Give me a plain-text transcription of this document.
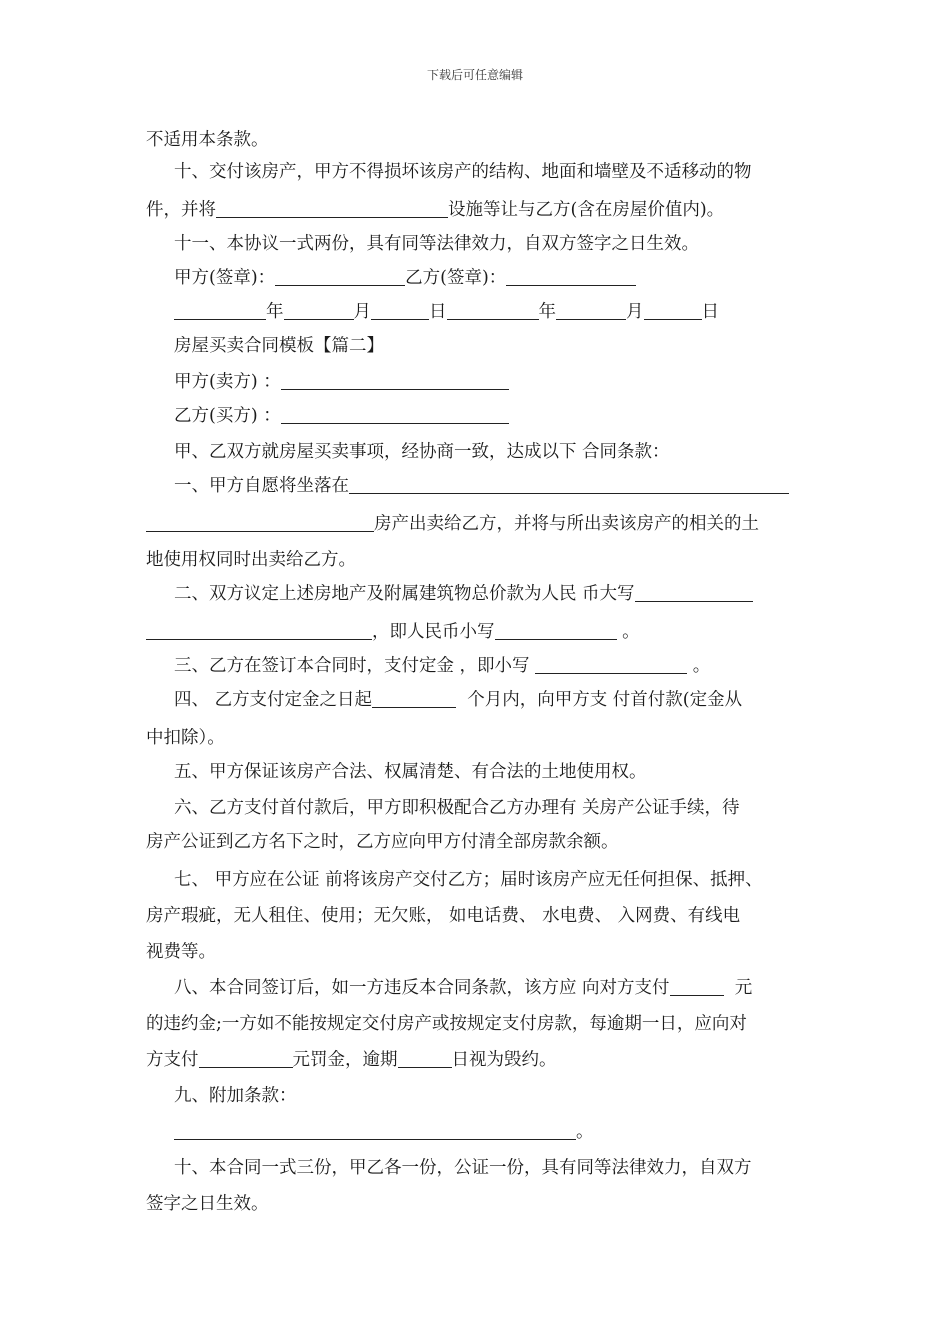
下载后可任意编辑
不适用本条款。
十、交付该房产，甲方不得损坏该房产的结构、地面和墙壁及不适移动的物
件，并将	设施等让与乙方(含在房屋价值内)。
十一、本协议一式两份，具有同等法律效力，自双方签字之日生效。
甲方(签章)：	乙方(签章)：
年	月	日	年	月	日
房屋买卖合同模板【篇二】
甲方(卖方) ：
乙方(买方) ：
甲、乙双方就房屋买卖事项，经协商一致，达成以下 合同条款：
一、甲方自愿将坐落在
房产出卖给乙方，并将与所出卖该房产的相关的土
地使用权同时出卖给乙方。
二、双方议定上述房地产及附属建筑物总价款为人民 币大写
，即人民币小写	。
三、乙方在签订本合同时，支付定金 ，即小写	。
四、 乙方支付定金之日起	个月内，向甲方支 付首付款(定金从
中扣除）。
五、甲方保证该房产合法、权属清楚、有合法的土地使用权。
六、乙方支付首付款后，甲方即积极配合乙方办理有 关房产公证手续，待
房产公证到乙方名下之时，乙方应向甲方付清全部房款余额。
七、 甲方应在公证 前将该房产交付乙方；届时该房产应无任何担保、抵押、
房产瑕疵，无人租住、使用；无欠账， 如电话费、 水电费、 入网费、有线电
视费等。
八、本合同签订后，如一方违反本合同条款，该方应 向对方支付	元
的违约金;一方如不能按规定交付房产或按规定支付房款，每逾期一日，应向对
方支付	元罚金，逾期	日视为毁约。
九、附加条款：
。
十、本合同一式三份，甲乙各一份，公证一份，具有同等法律效力，自双方
签字之日生效。
